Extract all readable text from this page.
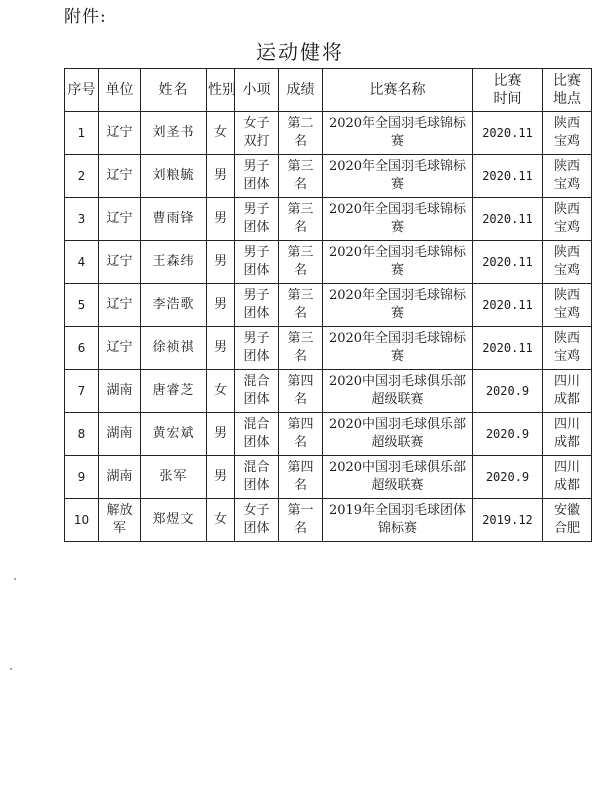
附件:
运动健将
序号	单位	姓名	性别	小项	成绩	比赛名称	比赛时间	比赛地点
1	辽宁	刘圣书	女	女子双打	第二名	2020年全国羽毛球锦标赛	2020.11	陕西宝鸡
2	辽宁	刘粮毓	男	男子团体	第三名	2020年全国羽毛球锦标赛	2020.11	陕西宝鸡
3	辽宁	曹雨锋	男	男子团体	第三名	2020年全国羽毛球锦标赛	2020.11	陕西宝鸡
4	辽宁	王森纬	男	男子团体	第三名	2020年全国羽毛球锦标赛	2020.11	陕西宝鸡
5	辽宁	李浩歌	男	男子团体	第三名	2020年全国羽毛球锦标赛	2020.11	陕西宝鸡
6	辽宁	徐祯祺	男	男子团体	第三名	2020年全国羽毛球锦标赛	2020.11	陕西宝鸡
7	湖南	唐睿芝	女	混合团体	第四名	2020中国羽毛球俱乐部超级联赛	2020.9	四川成都
8	湖南	黄宏斌	男	混合团体	第四名	2020中国羽毛球俱乐部超级联赛	2020.9	四川成都
9	湖南	张军	男	混合团体	第四名	2020中国羽毛球俱乐部超级联赛	2020.9	四川成都
10	解放军	郑煜文	女	女子团体	第一名	2019年全国羽毛球团体锦标赛	2019.12	安徽合肥
